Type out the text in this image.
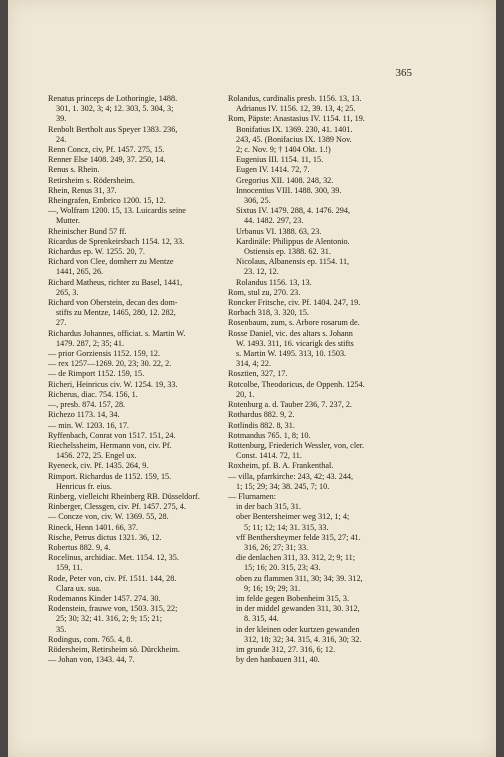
365
Renatus princeps de Lothoringie, 1488.
301, 1. 302, 3; 4; 12. 303, 5. 304, 3;
39.
Renbolt Bertholt aus Speyer 1383. 236,
24.
Renn Concz, civ, Pf. 1457. 275, 15.
Renner Else 1408. 249, 37. 250, 14.
Renus s. Rhein.
Retirsheim s. Rödersheim.
Rhein, Renus 31, 37.
Rheingrafen, Embrico 1200. 15, 12.
—, Wolfram 1200. 15, 13. Luicardis seine
Mutter.
Rheinischer Bund 57 ff.
Ricardus de Sprenkeirsbach 1154. 12, 33.
Richardus ep. W. 1255. 20, 7.
Richard von Clee, domherr zu Mentze
1441, 265, 26.
Richard Matheus, richter zu Basel, 1441,
265, 3.
Richard von Oberstein, decan des dom-
stifts zu Mentze, 1465, 280, 12. 282,
27.
Richardus Johannes, officiat. s. Martin W.
1479. 287, 2; 35; 41.
— prior Gorziensis 1152. 159, 12.
— rex 1257—1269. 20, 23; 30. 22, 2.
— de Rimport 1152. 159, 15.
Richeri, Heinricus civ. W. 1254. 19, 33.
Richerus, diac. 754. 156, 1.
—, presb. 874. 157, 28.
Richezo 1173. 14, 34.
— min. W. 1203. 16, 17.
Ryffenbach, Conrat von 1517. 151, 24.
Riechelssheim, Hermann von, civ. Pf.
1456. 272, 25. Engel ux.
Ryeneck, civ. Pf. 1435. 264, 9.
Rimport. Richardus de 1152. 159, 15.
Henricus fr. eius.
Rinberg, vielleicht Rheinberg RB. Düsseldorf.
Rinberger, Clessgen, civ. Pf. 1457. 275, 4.
— Concze von, civ. W. 1369. 55, 28.
Rineck, Henn 1401. 66, 37.
Rische, Petrus dictus 1321. 36, 12.
Robertus 882. 9, 4.
Rocelinus, archidiac. Met. 1154. 12, 35.
159, 11.
Rode, Peter von, civ. Pf. 1511. 144, 28.
Clara ux. sua.
Rodemanns Kinder 1457. 274. 30.
Rodenstein, frauwe von, 1503. 315, 22;
25; 30; 32; 41. 316, 2; 9; 15; 21;
35.
Rodingus, com. 765. 4, 8.
Rödersheim, Retirsheim sö. Dürckheim.
— Johan von, 1343. 44, 7.
Rolandus, cardinalis presb. 1156. 13, 13.
Adrianus IV. 1156. 12, 39. 13, 4; 25.
Rom, Päpste: Anastasius IV. 1154. 11, 19.
Bonifatius IX. 1369. 230, 41. 1401.
243, 45. (Bonifacius IX. 1389 Nov.
2; c. Nov. 9; † 1404 Okt. 1.!)
Eugenius III. 1154. 11, 15.
Eugen IV. 1414. 72, 7.
Gregorius XII. 1408. 248, 32.
Innocentius VIII. 1488. 300, 39.
306, 25.
Sixtus IV. 1479. 288, 4. 1476. 294,
44. 1482. 297, 23.
Urbanus VI. 1388. 63, 23.
Kardinäle: Philippus de Alentonio.
Ostiensis ep. 1388. 62. 31.
Nicolaus, Albanensis ep. 1154. 11,
23. 12, 12.
Rolandus 1156. 13, 13.
Rom, stul zu, 270. 23.
Roncker Fritsche, civ. Pf. 1404. 247, 19.
Rorbach 318, 3. 320, 15.
Rosenbaum, zum, s. Arbore rosarum de.
Rosse Daniel, vic. des altars s. Johann
W. 1493. 311, 16. vicarigk des stifts
s. Martin W. 1495. 313, 10. 1503.
314, 4; 22.
Rosztien, 327, 17.
Rotcolbe, Theodoricus, de Oppenh. 1254.
20, 1.
Rotenburg a. d. Tauber 236, 7. 237, 2.
Rothardus 882. 9, 2.
Rotlindis 882. 8, 31.
Rotmandus 765. 1, 8; 10.
Rottenburg, Friederich Wessler, von, cler.
Const. 1414. 72, 11.
Roxheim, pf. B. A. Frankenthal.
— villa, pfarrkirche: 243, 42; 43. 244,
1; 15; 29; 34; 38. 245, 7; 10.
— Flurnamen:
in der bach 315, 31.
ober Bentersheimer weg 312, 1; 4;
5; 11; 12; 14; 31. 315, 33.
vff Benthersheymer felde 315, 27; 41.
316, 26; 27; 31; 33.
die denlachen 311, 33. 312, 2; 9; 11;
15; 16; 20. 315, 23; 43.
oben zu flammen 311, 30; 34; 39. 312,
9; 16; 19; 29; 31.
im felde gegen Bobenheim 315, 3.
in der middel gewanden 311, 30. 312,
8. 315, 44.
in der kleinen oder kurtzen gewanden
312, 18; 32; 34. 315, 4. 316, 30; 32.
im grunde 312, 27. 316, 6; 12.
by den hanbauen 311, 40.
